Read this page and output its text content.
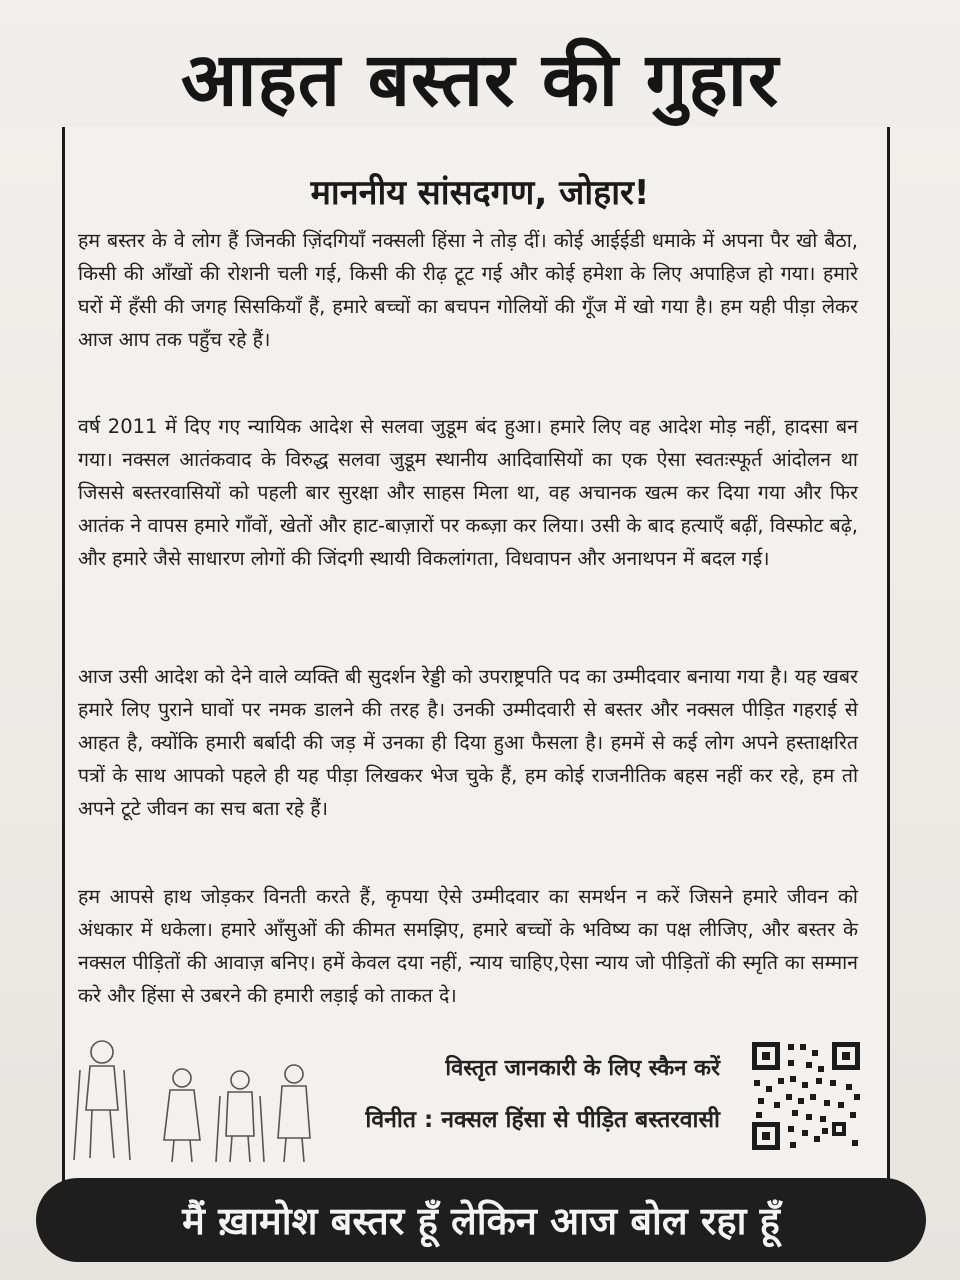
आहत बस्तर की गुहार
माननीय सांसदगण, जोहार!

हम बस्तर के वे लोग हैं जिनकी ज़िंदगियाँ नक्सली हिंसा ने तोड़ दीं। कोई आईईडी धमाके में अपना पैर खो बैठा, किसी की आँखों की रोशनी चली गई, किसी की रीढ़ टूट गई और कोई हमेशा के लिए अपाहिज हो गया। हमारे घरों में हँसी की जगह सिसकियाँ हैं, हमारे बच्चों का बचपन गोलियों की गूँज में खो गया है। हम यही पीड़ा लेकर आज आप तक पहुँच रहे हैं।

वर्ष 2011 में दिए गए न्यायिक आदेश से सलवा जुडूम बंद हुआ। हमारे लिए वह आदेश मोड़ नहीं, हादसा बन गया। नक्सल आतंकवाद के विरुद्ध सलवा जुडूम स्थानीय आदिवासियों का एक ऐसा स्वतःस्फूर्त आंदोलन था जिससे बस्तरवासियों को पहली बार सुरक्षा और साहस मिला था, वह अचानक खत्म कर दिया गया और फिर आतंक ने वापस हमारे गाँवों, खेतों और हाट-बाज़ारों पर कब्ज़ा कर लिया। उसी के बाद हत्याएँ बढ़ीं, विस्फोट बढ़े, और हमारे जैसे साधारण लोगों की जिंदगी स्थायी विकलांगता, विधवापन और अनाथपन में बदल गई।

आज उसी आदेश को देने वाले व्यक्ति बी सुदर्शन रेड्डी को उपराष्ट्रपति पद का उम्मीदवार बनाया गया है। यह खबर हमारे लिए पुराने घावों पर नमक डालने की तरह है। उनकी उम्मीदवारी से बस्तर और नक्सल पीड़ित गहराई से आहत है, क्योंकि हमारी बर्बादी की जड़ में उनका ही दिया हुआ फैसला है। हममें से कई लोग अपने हस्ताक्षरित पत्रों के साथ आपको पहले ही यह पीड़ा लिखकर भेज चुके हैं, हम कोई राजनीतिक बहस नहीं कर रहे, हम तो अपने टूटे जीवन का सच बता रहे हैं।

हम आपसे हाथ जोड़कर विनती करते हैं, कृपया ऐसे उम्मीदवार का समर्थन न करें जिसने हमारे जीवन को अंधकार में धकेला। हमारे आँसुओं की कीमत समझिए, हमारे बच्चों के भविष्य का पक्ष लीजिए, और बस्तर के नक्सल पीड़ितों की आवाज़ बनिए। हमें केवल दया नहीं, न्याय चाहिए,ऐसा न्याय जो पीड़ितों की स्मृति का सम्मान करे और हिंसा से उबरने की हमारी लड़ाई को ताकत दे।

विस्तृत जानकारी के लिए स्कैन करें
विनीत : नक्सल हिंसा से पीड़ित बस्तरवासी
मैं ख़ामोश बस्तर हूँ लेकिन आज बोल रहा हूँ
